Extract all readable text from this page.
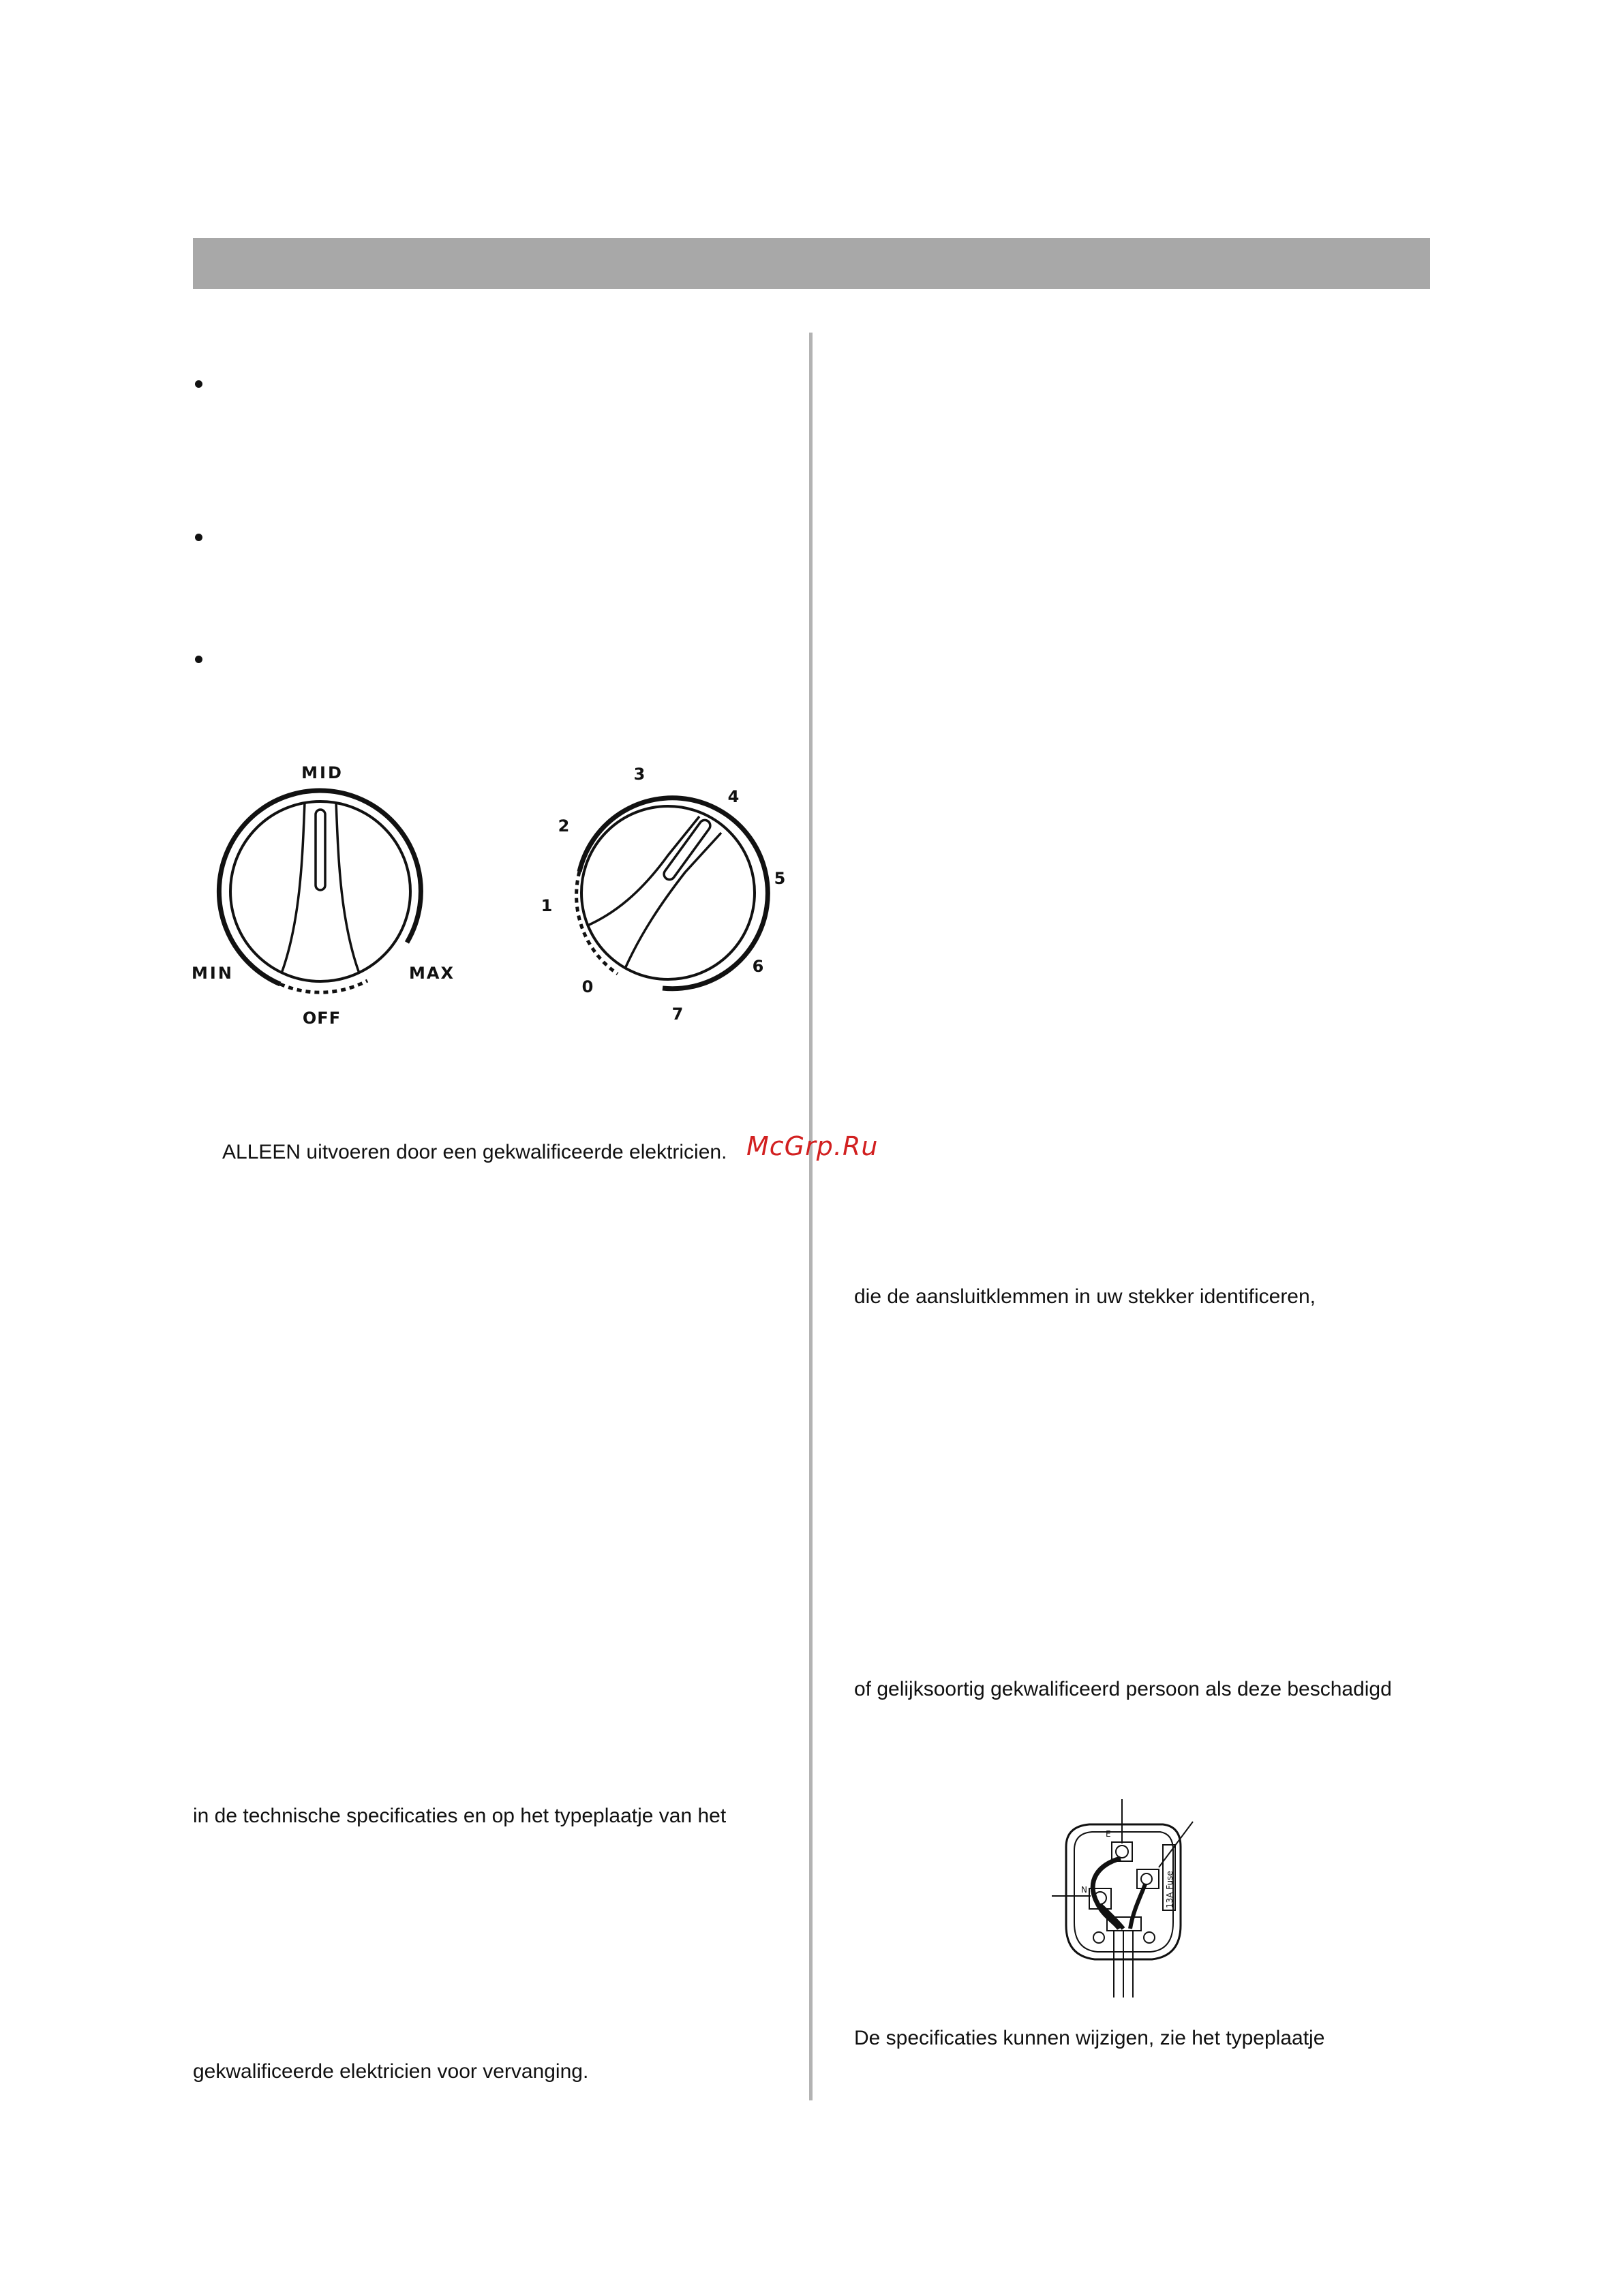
MID
MIN	MAX
OFF
0
1
2
3
4
5
6
7
ALLEEN uitvoeren door een gekwalificeerde elektricien. McGrp.Ru
in de technische specificaties en op het typeplaatje van het
gekwalificeerde elektricien voor vervanging.
die de aansluitklemmen in uw stekker identificeren,
of gelijksoortig gekwalificeerd persoon als deze beschadigd
De specificaties kunnen wijzigen, zie het typeplaatje
E
13A Fuse
N
